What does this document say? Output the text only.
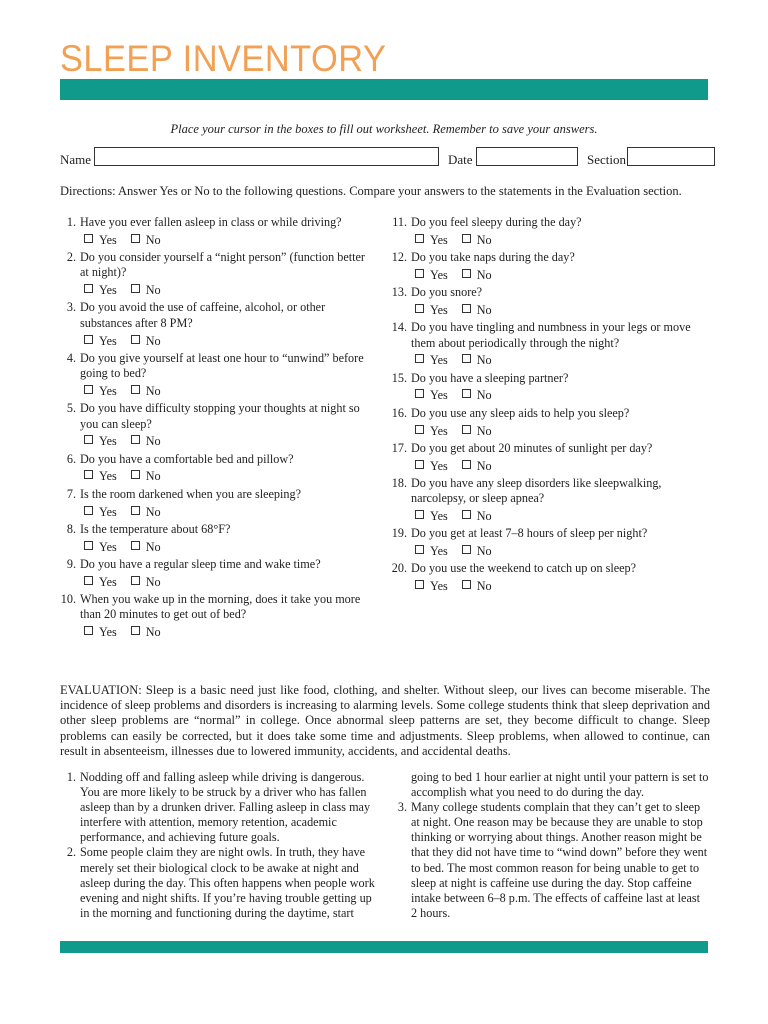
SLEEP INVENTORY
Place your cursor in the boxes to fill out worksheet. Remember to save your answers.
Name	Date	Section
Directions: Answer Yes or No to the following questions. Compare your answers to the statements in the Evaluation section.
1. Have you ever fallen asleep in class or while driving?
Yes	No
2. Do you consider yourself a “night person” (function better at night)?
Yes	No
3. Do you avoid the use of caffeine, alcohol, or other substances after 8 PM?
Yes	No
4. Do you give yourself at least one hour to “unwind” before going to bed?
Yes	No
5. Do you have difficulty stopping your thoughts at night so you can sleep?
Yes	No
6. Do you have a comfortable bed and pillow?
Yes	No
7. Is the room darkened when you are sleeping?
Yes	No
8. Is the temperature about 68°F?
Yes	No
9. Do you have a regular sleep time and wake time?
Yes	No
10. When you wake up in the morning, does it take you more than 20 minutes to get out of bed?
Yes	No
11. Do you feel sleepy during the day?
Yes	No
12. Do you take naps during the day?
Yes	No
13. Do you snore?
Yes	No
14. Do you have tingling and numbness in your legs or move them about periodically through the night?
Yes	No
15. Do you have a sleeping partner?
Yes	No
16. Do you use any sleep aids to help you sleep?
Yes	No
17. Do you get about 20 minutes of sunlight per day?
Yes	No
18. Do you have any sleep disorders like sleepwalking, narcolepsy, or sleep apnea?
Yes	No
19. Do you get at least 7–8 hours of sleep per night?
Yes	No
20. Do you use the weekend to catch up on sleep?
Yes	No
EVALUATION: Sleep is a basic need just like food, clothing, and shelter. Without sleep, our lives can become miserable. The incidence of sleep problems and disorders is increasing to alarming levels. Some college students think that sleep deprivation and other sleep problems are “normal” in college. Once abnormal sleep patterns are set, they become difficult to change. Sleep problems can easily be corrected, but it does take some time and adjustments. Sleep problems, when allowed to continue, can result in absenteeism, illnesses due to lowered immunity, accidents, and accidental deaths.
1. Nodding off and falling asleep while driving is dangerous. You are more likely to be struck by a driver who has fallen asleep than by a drunken driver. Falling asleep in class may interfere with attention, memory retention, academic performance, and achieving future goals.
2. Some people claim they are night owls. In truth, they have merely set their biological clock to be awake at night and asleep during the day. This often happens when people work evening and night shifts. If you’re having trouble getting up in the morning and functioning during the daytime, start
going to bed 1 hour earlier at night until your pattern is set to accomplish what you need to do during the day.
3. Many college students complain that they can’t get to sleep at night. One reason may be because they are unable to stop thinking or worrying about things. Another reason might be that they did not have time to “wind down” before they went to bed. The most common reason for being unable to get to sleep at night is caffeine use during the day. Stop caffeine intake between 6–8 p.m. The effects of caffeine last at least 2 hours.
